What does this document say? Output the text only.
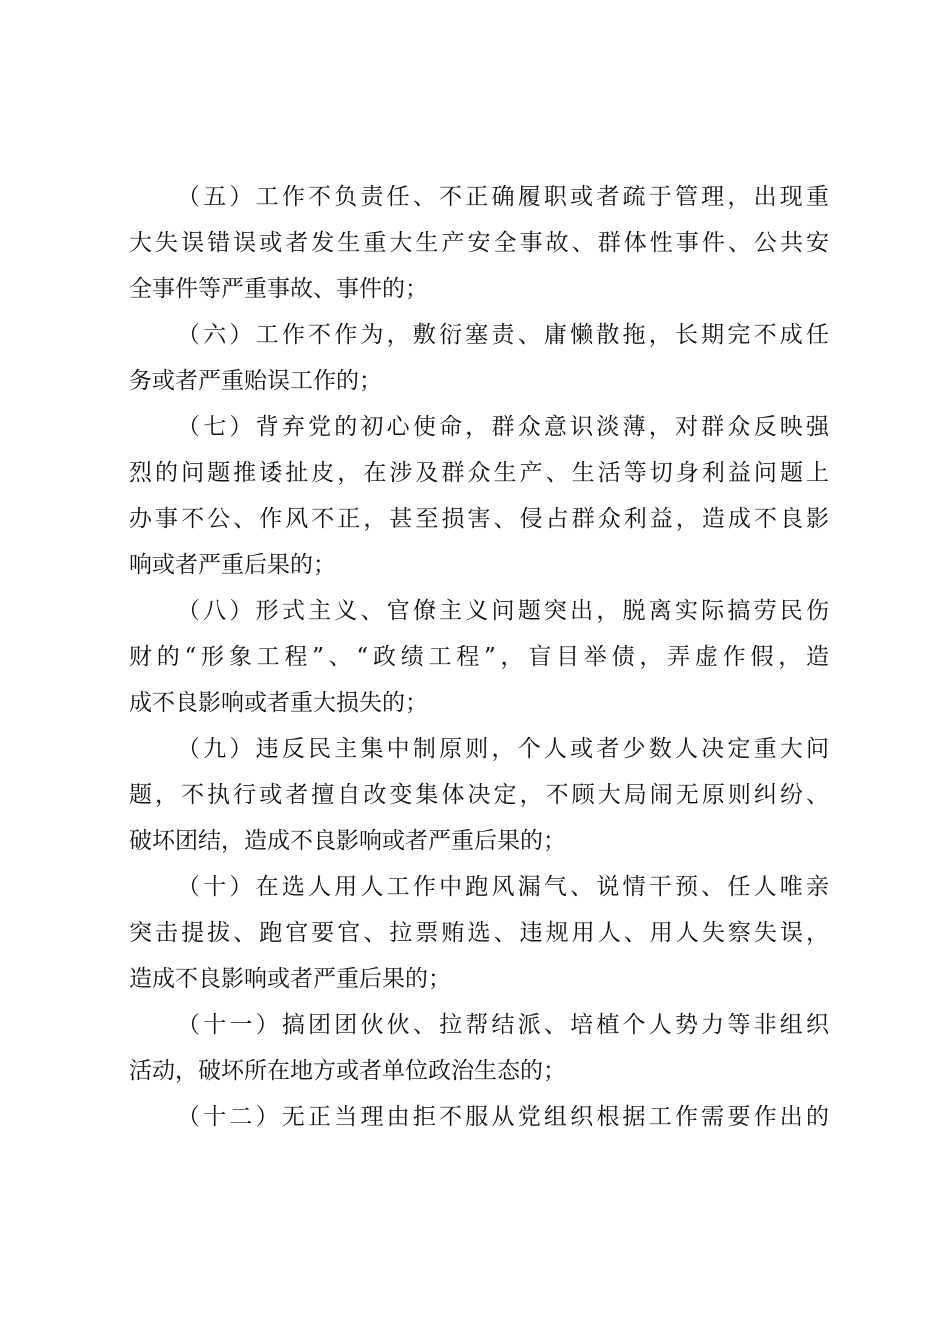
（五）工作不负责任、不正确履职或者疏于管理，出现重
大失误错误或者发生重大生产安全事故、群体性事件、公共安
全事件等严重事故、事件的；
（六）工作不作为，敷衍塞责、庸懒散拖，长期完不成任
务或者严重贻误工作的；
（七）背弃党的初心使命，群众意识淡薄，对群众反映强
烈的问题推诿扯皮，在涉及群众生产、生活等切身利益问题上
办事不公、作风不正，甚至损害、侵占群众利益，造成不良影
响或者严重后果的；
（八）形式主义、官僚主义问题突出，脱离实际搞劳民伤
财的“形象工程”、“政绩工程”，盲目举债，弄虚作假，造
成不良影响或者重大损失的；
（九）违反民主集中制原则，个人或者少数人决定重大问
题，不执行或者擅自改变集体决定，不顾大局闹无原则纠纷、
破坏团结，造成不良影响或者严重后果的；
（十）在选人用人工作中跑风漏气、说情干预、任人唯亲
突击提拔、跑官要官、拉票贿选、违规用人、用人失察失误，
造成不良影响或者严重后果的；
（十一）搞团团伙伙、拉帮结派、培植个人势力等非组织
活动，破坏所在地方或者单位政治生态的；
（十二）无正当理由拒不服从党组织根据工作需要作出的
